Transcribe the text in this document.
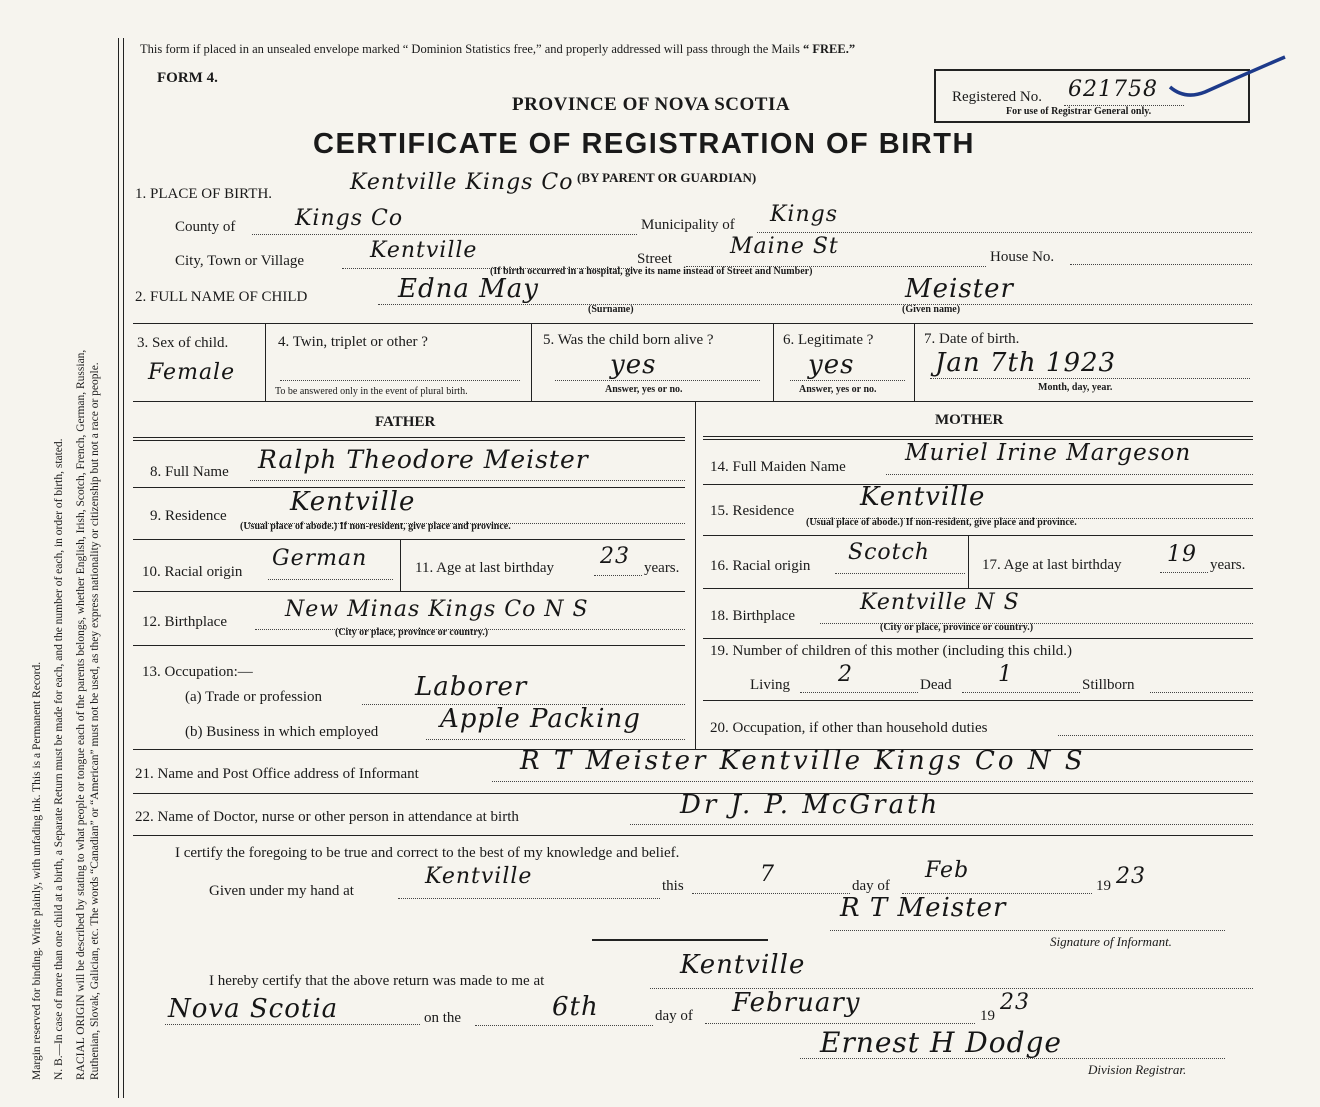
Margin reserved for binding. Write plainly, with unfading ink. This is a Permanent Record. N. B.—In case of more than one child at a birth, a Separate Return must be made for each, and the number of each, in order of birth, stated. RACIAL ORIGIN will be described by stating to what people or tongue each of the parents belongs, whether English, Irish, Scotch, French, German, Russian, Ruthenian, Slovak, Galician, etc. The words “Canadian” or “American” must not be used, as they express nationality or citizenship but not a race or people.
This form if placed in an unsealed envelope marked “ Dominion Statistics free,” and properly addressed will pass through the Mails “ FREE.”
FORM 4.
PROVINCE OF NOVA SCOTIA
CERTIFICATE OF REGISTRATION OF BIRTH
(BY PARENT OR GUARDIAN)
Registered No. 621758
For use of Registrar General only.
1. PLACE OF BIRTH.	Kentville Kings Co
County of	Kings Co	Municipality of Kings
City, Town or Village	Kentville	Street	Maine St	House No.
(If birth occurred in a hospital, give its name instead of Street and Number)
2. FULL NAME OF CHILD	Edna May	Meister
(Surname)	(Given name)
3. Sex of child.
Female
4. Twin, triplet or other ?
To be answered only in the event of plural birth.
5. Was the child born alive ?
yes
Answer, yes or no.
6. Legitimate ?
yes
Answer, yes or no.
7. Date of birth.
Jan 7th 1923
Month, day, year.
FATHER	MOTHER
8. Full Name Ralph Theodore Meister
9. Residence Kentville
(Usual place of abode.) If non-resident, give place and province.
10. Racial origin
German	11. Age at last birthday 23 years.
12. Birthplace	New Minas Kings Co N S
(City or place, province or country.)
13. Occupation:—
(a) Trade or profession	Laborer
(b) Business in which employed Apple Packing
14. Full Maiden Name
Muriel Irine Margeson
15. Residence	Kentville
(Usual place of abode.) If non-resident, give place and province.
16. Racial origin
Scotch	17. Age at last birthday 19 years.
18. Birthplace
Kentville N S
(City or place, province or country.)
19. Number of children of this mother (including this child.)
Living 2	Dead 1	Stillborn
20. Occupation, if other than household duties
21. Name and Post Office address of Informant	R T Meister Kentville Kings Co N S
22. Name of Doctor, nurse or other person in attendance at birth	Dr J. P. McGrath
I certify the foregoing to be true and correct to the best of my knowledge and belief.
Given under my hand at
Kentville	this	7	day of
Feb
19 23
R T Meister
Signature of Informant.
I hereby certify that the above return was made to me at
Kentville
Nova Scotia	on the	6th	day of February	19
23
Ernest H Dodge
Division Registrar.
